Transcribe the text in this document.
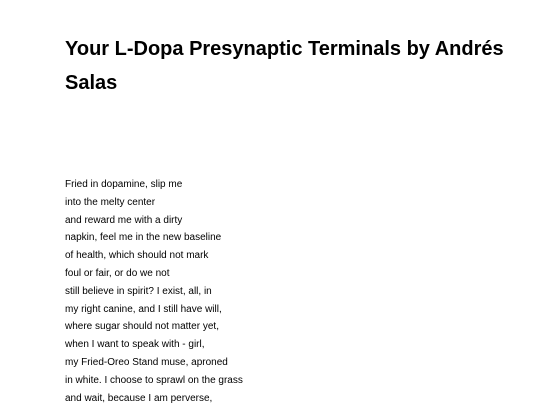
Your L-Dopa Presynaptic Terminals by Andrés Salas
Fried in dopamine, slip me
into the melty center
and reward me with a dirty
napkin, feel me in the new baseline
of health, which should not mark
foul or fair, or do we not
still believe in spirit? I exist, all, in
my right canine, and I still have will,
where sugar should not matter yet,
when I want to speak with - girl,
my Fried-Oreo Stand muse, aproned
in white. I choose to sprawl on the grass
and wait, because I am perverse,
